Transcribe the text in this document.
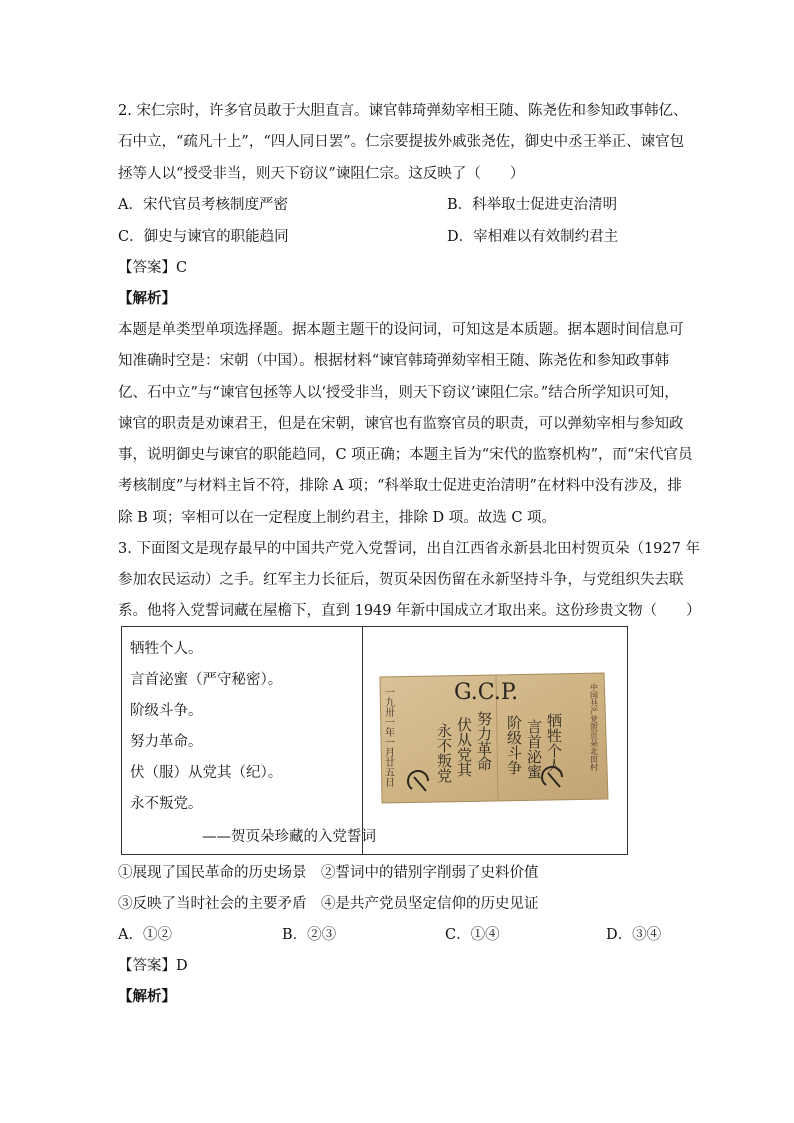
2. 宋仁宗时，许多官员敢于大胆直言。谏官韩琦弹劾宰相王随、陈尧佐和参知政事韩亿、
石中立，“疏凡十上”，“四人同日罢”。仁宗要提拔外戚张尧佐，御史中丞王举正、谏官包
拯等人以“授受非当，则天下窃议”谏阻仁宗。这反映了（　　）
A．宋代官员考核制度严密	B．科举取士促进吏治清明
C．御史与谏官的职能趋同	D．宰相难以有效制约君主
【答案】C
【解析】
本题是单类型单项选择题。据本题主题干的设问词，可知这是本质题。据本题时间信息可
知准确时空是：宋朝（中国）。根据材料“谏官韩琦弹劾宰相王随、陈尧佐和参知政事韩
亿、石中立”与“谏官包拯等人以‘授受非当，则天下窃议’谏阻仁宗。”结合所学知识可知，
谏官的职责是劝谏君王，但是在宋朝，谏官也有监察官员的职责，可以弹劾宰相与参知政
事，说明御史与谏官的职能趋同，C 项正确；本题主旨为“宋代的监察机构”，而“宋代官员
考核制度”与材料主旨不符，排除 A 项；“科举取士促进吏治清明”在材料中没有涉及，排
除 B 项；宰相可以在一定程度上制约君主，排除 D 项。故选 C 项。
3. 下面图文是现存最早的中国共产党入党誓词，出自江西省永新县北田村贺页朵（1927 年
参加农民运动）之手。红军主力长征后，贺页朵因伤留在永新坚持斗争，与党组织失去联
系。他将入党誓词藏在屋檐下，直到 1949 年新中国成立才取出来。这份珍贵文物（　　）
牺牲个人。
言首泌蜜（严守秘密）。
阶级斗争。
努力革命。
伏（服）从党其（纪）。
永不叛党。
——贺页朵珍藏的入党誓词
G.C.P.
一九卅一年一月廿五日	牺牲个人
言首泌蜜
阶级斗争
努力革命
伏从党其
永不叛党	中国共产党贺页朵北田村
①展现了国民革命的历史场景　②誓词中的错别字削弱了史料价值
③反映了当时社会的主要矛盾　④是共产党员坚定信仰的历史见证
A．①②	B．②③	C．①④	D．③④
【答案】D
【解析】
